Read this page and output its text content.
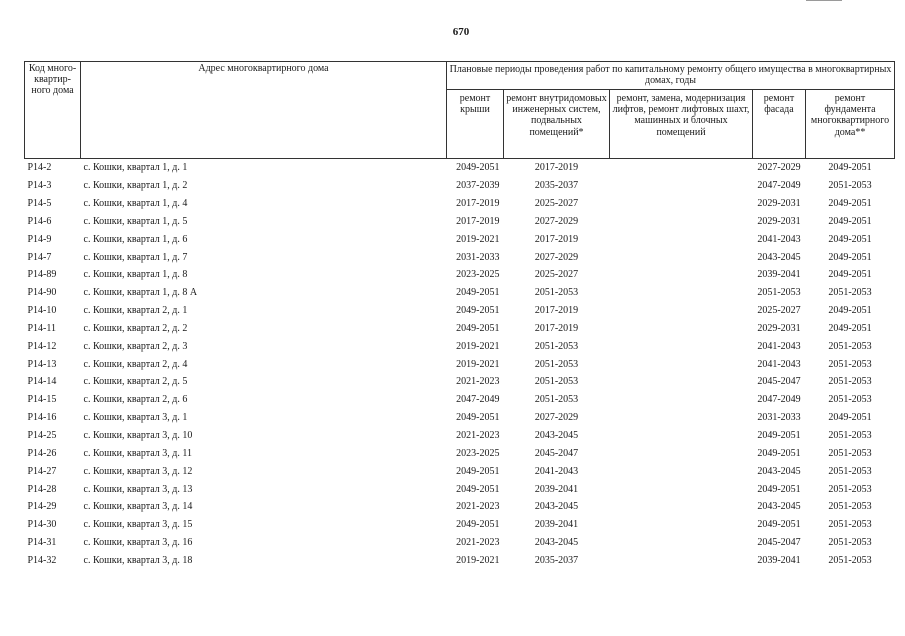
670
Код много-квартир-ного дома	Адрес многоквартирного дома	Плановые периоды проведения работ по капитальному ремонту общего имущества в многоквартирных домах, годы				
		ремонт крыши	ремонт внутридомовых инженерных систем, подвальных помещений*	ремонт, замена, модернизация лифтов, ремонт лифтовых шахт, машинных и блочных помещений	ремонт фасада	ремонт фундамента многоквартирного дома**
Р14-2	с. Кошки, квартал 1, д. 1	2049-2051	2017-2019		2027-2029	2049-2051
Р14-3	с. Кошки, квартал 1, д. 2	2037-2039	2035-2037		2047-2049	2051-2053
Р14-5	с. Кошки, квартал 1, д. 4	2017-2019	2025-2027		2029-2031	2049-2051
Р14-6	с. Кошки, квартал 1, д. 5	2017-2019	2027-2029		2029-2031	2049-2051
Р14-9	с. Кошки, квартал 1, д. 6	2019-2021	2017-2019		2041-2043	2049-2051
Р14-7	с. Кошки, квартал 1, д. 7	2031-2033	2027-2029		2043-2045	2049-2051
Р14-89	с. Кошки, квартал 1, д. 8	2023-2025	2025-2027		2039-2041	2049-2051
Р14-90	с. Кошки, квартал 1, д. 8 А	2049-2051	2051-2053		2051-2053	2051-2053
Р14-10	с. Кошки, квартал 2, д. 1	2049-2051	2017-2019		2025-2027	2049-2051
Р14-11	с. Кошки, квартал 2, д. 2	2049-2051	2017-2019		2029-2031	2049-2051
Р14-12	с. Кошки, квартал 2, д. 3	2019-2021	2051-2053		2041-2043	2051-2053
Р14-13	с. Кошки, квартал 2, д. 4	2019-2021	2051-2053		2041-2043	2051-2053
Р14-14	с. Кошки, квартал 2, д. 5	2021-2023	2051-2053		2045-2047	2051-2053
Р14-15	с. Кошки, квартал 2, д. 6	2047-2049	2051-2053		2047-2049	2051-2053
Р14-16	с. Кошки, квартал 3, д. 1	2049-2051	2027-2029		2031-2033	2049-2051
Р14-25	с. Кошки, квартал 3, д. 10	2021-2023	2043-2045		2049-2051	2051-2053
Р14-26	с. Кошки, квартал 3, д. 11	2023-2025	2045-2047		2049-2051	2051-2053
Р14-27	с. Кошки, квартал 3, д. 12	2049-2051	2041-2043		2043-2045	2051-2053
Р14-28	с. Кошки, квартал 3, д. 13	2049-2051	2039-2041		2049-2051	2051-2053
Р14-29	с. Кошки, квартал 3, д. 14	2021-2023	2043-2045		2043-2045	2051-2053
Р14-30	с. Кошки, квартал 3, д. 15	2049-2051	2039-2041		2049-2051	2051-2053
Р14-31	с. Кошки, квартал 3, д. 16	2021-2023	2043-2045		2045-2047	2051-2053
Р14-32	с. Кошки, квартал 3, д. 18	2019-2021	2035-2037		2039-2041	2051-2053
